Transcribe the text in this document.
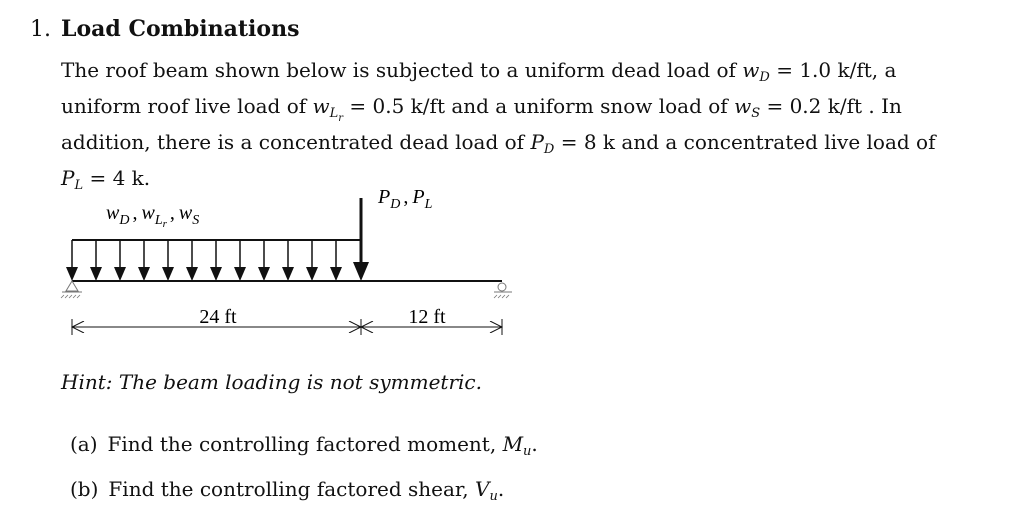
1. Load Combinations
The roof beam shown below is subjected to a uniform dead load of $w_D = 1.0$ k/ft, a
uniform roof live load of $w_{L_r} = 0.5$ k/ft and a uniform snow load of $w_S = 0.2$ k/ft . In
addition, there is a concentrated dead load of $P_D = 8$ k and a concentrated live load of
$P_L = 4$ k.
$w_D$ , $w_Lr$ , $w_S$
$P_D$ , $P_L$
24 ft	12 ft
Hint: The beam loading is not symmetric.
(a) Find the controlling factored moment, $M_u$.
(b) Find the controlling factored shear, $V_u$.
